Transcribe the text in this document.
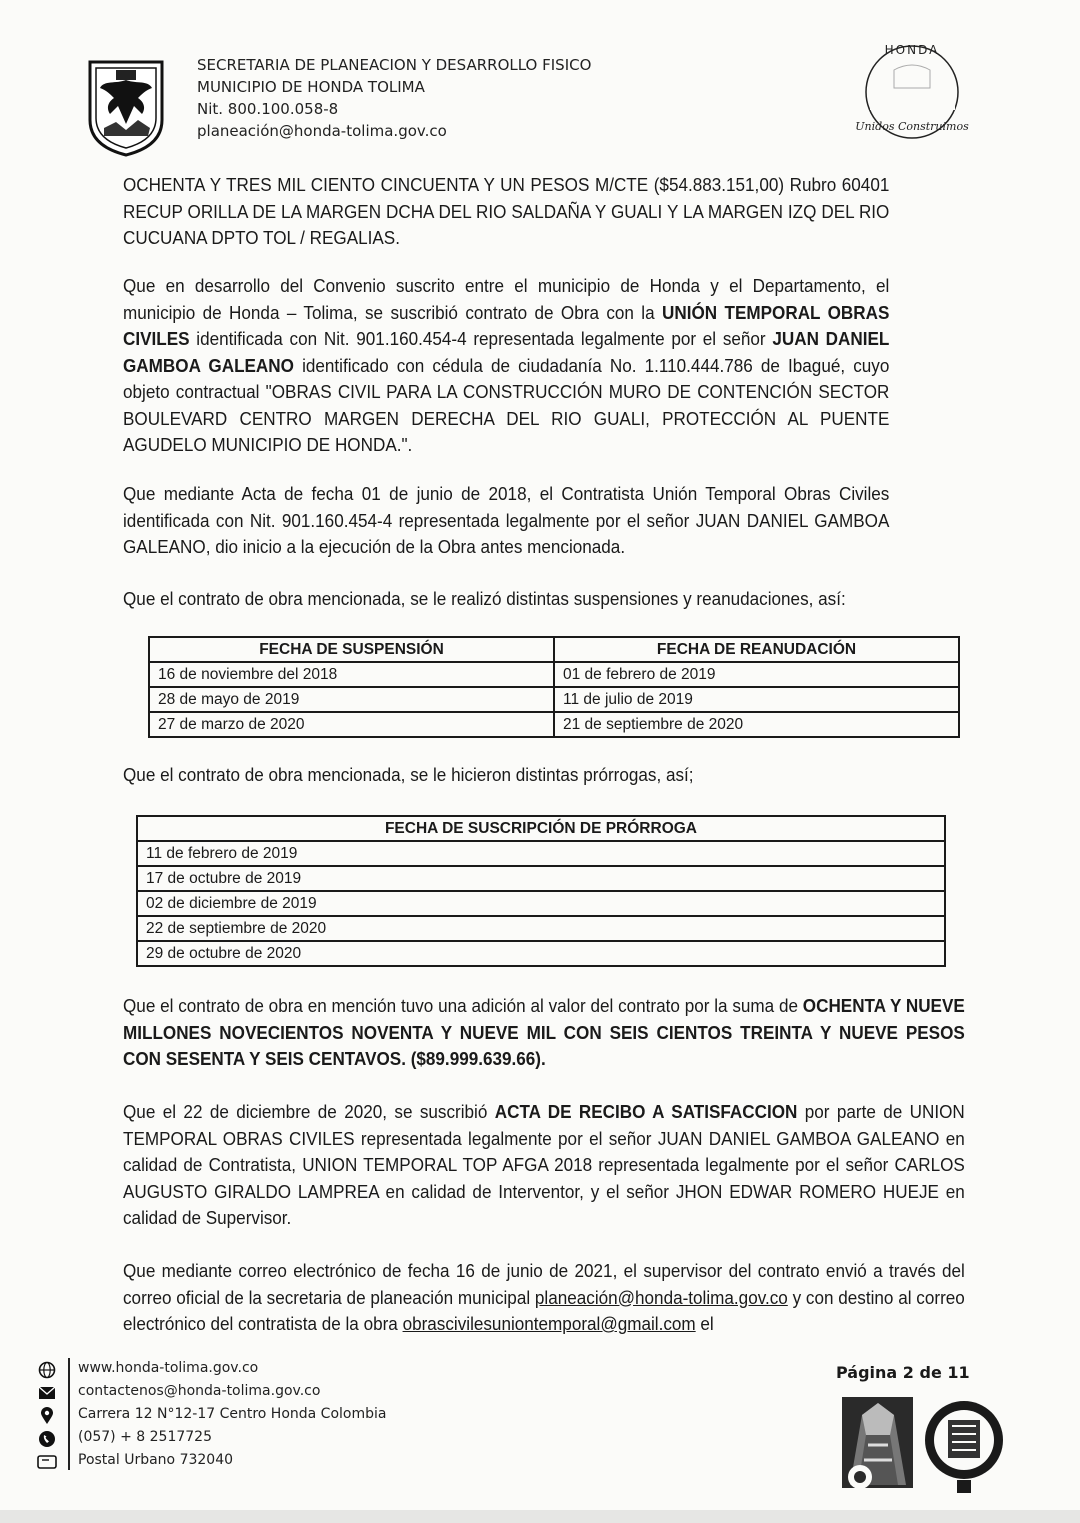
SECRETARIA DE PLANEACION Y DESARROLLO FISICO
MUNICIPIO DE HONDA TOLIMA
Nit. 800.100.058-8
planeación@honda-tolima.gov.co
HONDA
Unidos Construimos

OCHENTA Y TRES MIL CIENTO CINCUENTA Y UN PESOS M/CTE ($54.883.151,00) Rubro 60401 RECUP ORILLA DE LA MARGEN DCHA DEL RIO SALDAÑA Y GUALI Y LA MARGEN IZQ DEL RIO CUCUANA DPTO TOL / REGALIAS.

Que en desarrollo del Convenio suscrito entre el municipio de Honda y el Departamento, el municipio de Honda – Tolima, se suscribió contrato de Obra con la UNIÓN TEMPORAL OBRAS CIVILES identificada con Nit. 901.160.454-4 representada legalmente por el señor JUAN DANIEL GAMBOA GALEANO identificado con cédula de ciudadanía No. 1.110.444.786 de Ibagué, cuyo objeto contractual "OBRAS CIVIL PARA LA CONSTRUCCIÓN MURO DE CONTENCIÓN SECTOR BOULEVARD CENTRO MARGEN DERECHA DEL RIO GUALI, PROTECCIÓN AL PUENTE AGUDELO MUNICIPIO DE HONDA.".

Que mediante Acta de fecha 01 de junio de 2018, el Contratista Unión Temporal Obras Civiles identificada con Nit. 901.160.454-4 representada legalmente por el señor JUAN DANIEL GAMBOA GALEANO, dio inicio a la ejecución de la Obra antes mencionada.

Que el contrato de obra mencionada, se le realizó distintas suspensiones y reanudaciones, así:

FECHA DE SUSPENSIÓN	FECHA DE REANUDACIÓN
16 de noviembre del 2018	01 de febrero de 2019
28 de mayo de 2019	11 de julio de 2019
27 de marzo de 2020	21 de septiembre de 2020

Que el contrato de obra mencionada, se le hicieron distintas prórrogas, así;

FECHA DE SUSCRIPCIÓN DE PRÓRROGA
11 de febrero de 2019
17 de octubre de 2019
02 de diciembre de 2019
22 de septiembre de 2020
29 de octubre de 2020

Que el contrato de obra en mención tuvo una adición al valor del contrato por la suma de OCHENTA Y NUEVE MILLONES NOVECIENTOS NOVENTA Y NUEVE MIL CON SEIS CIENTOS TREINTA Y NUEVE PESOS CON SESENTA Y SEIS CENTAVOS. ($89.999.639.66).

Que el 22 de diciembre de 2020, se suscribió ACTA DE RECIBO A SATISFACCION por parte de UNION TEMPORAL OBRAS CIVILES representada legalmente por el señor JUAN DANIEL GAMBOA GALEANO en calidad de Contratista, UNION TEMPORAL TOP AFGA 2018 representada legalmente por el señor CARLOS AUGUSTO GIRALDO LAMPREA en calidad de Interventor, y el señor JHON EDWAR ROMERO HUEJE en calidad de Supervisor.

Que mediante correo electrónico de fecha 16 de junio de 2021, el supervisor del contrato envió a través del correo oficial de la secretaria de planeación municipal planeación@honda-tolima.gov.co y con destino al correo electrónico del contratista de la obra obrascivilesuniontemporal@gmail.com el

www.honda-tolima.gov.co
contactenos@honda-tolima.gov.co
Carrera 12 N°12-17 Centro Honda Colombia
(057) + 8 2517725
Postal Urbano 732040
Página 2 de 11
